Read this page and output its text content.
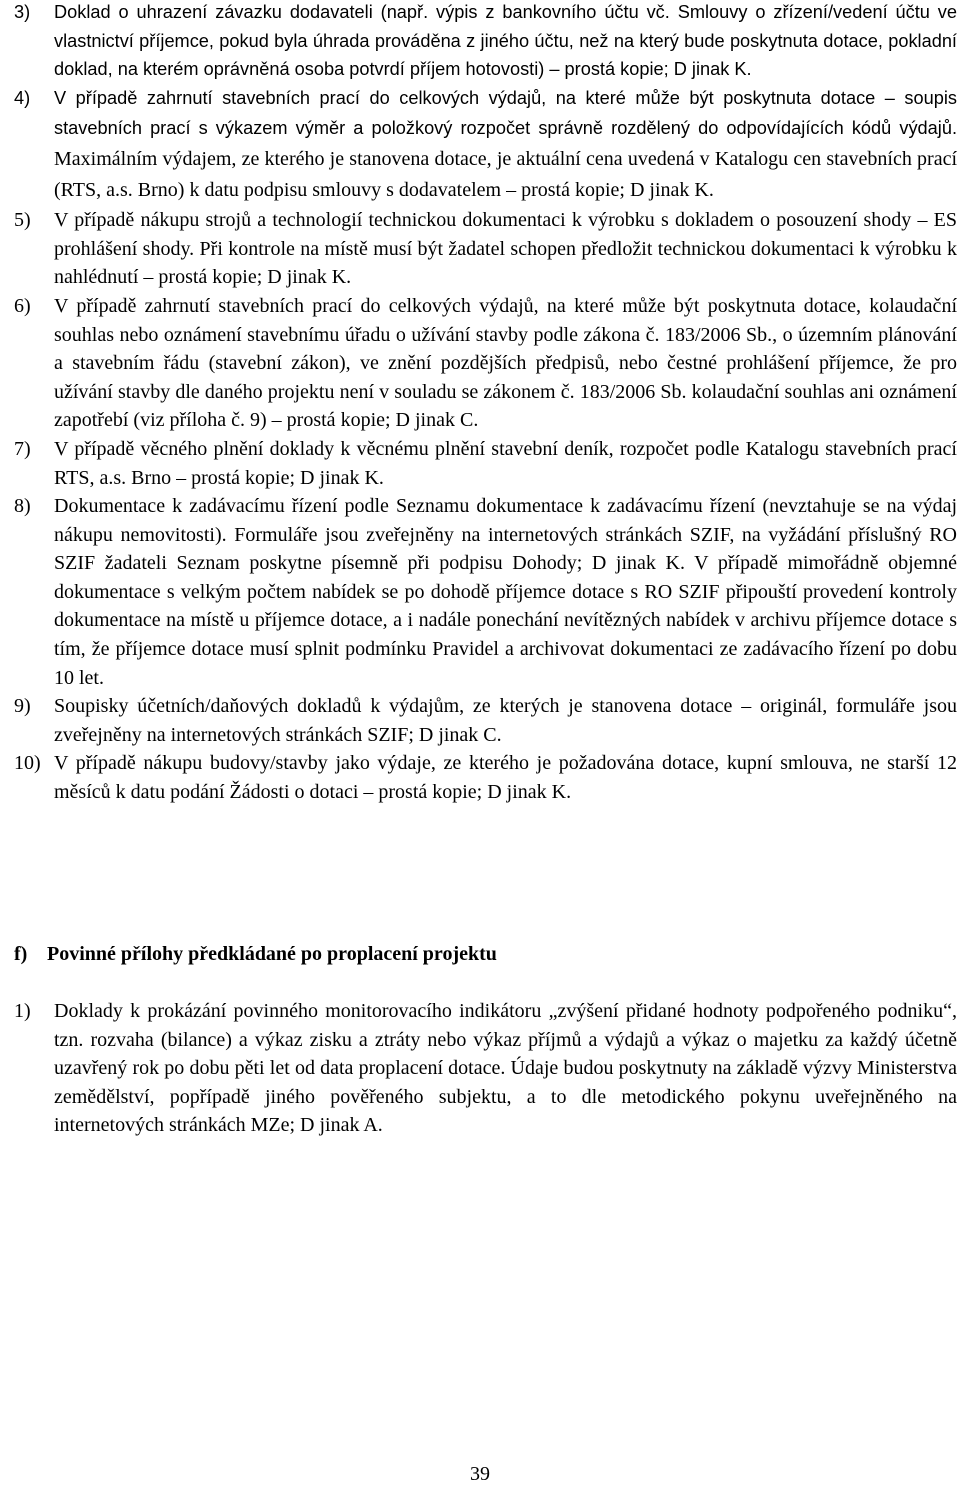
3)	Doklad o uhrazení závazku dodavateli (např. výpis z bankovního účtu vč. Smlouvy o zřízení/vedení účtu ve vlastnictví příjemce, pokud byla úhrada prováděna z jiného účtu, než na který bude poskytnuta dotace, pokladní doklad, na kterém oprávněná osoba potvrdí příjem hotovosti) – prostá kopie; D jinak K.
4)	V případě zahrnutí stavebních prací do celkových výdajů, na které může být poskytnuta dotace – soupis stavebních prací s výkazem výměr a položkový rozpočet správně rozdělený do odpovídajících kódů výdajů. Maximálním výdajem, ze kterého je stanovena dotace, je aktuální cena uvedená v Katalogu cen stavebních prací (RTS, a.s. Brno) k datu podpisu smlouvy s dodavatelem – prostá kopie; D jinak K.
5)	V případě nákupu strojů a technologií technickou dokumentaci k výrobku s dokladem o posouzení shody – ES prohlášení shody. Při kontrole na místě musí být žadatel schopen předložit technickou dokumentaci k výrobku k nahlédnutí – prostá kopie; D jinak K.
6)	V případě zahrnutí stavebních prací do celkových výdajů, na které může být poskytnuta dotace, kolaudační souhlas nebo oznámení stavebnímu úřadu o užívání stavby podle zákona č. 183/2006 Sb., o územním plánování a stavebním řádu (stavební zákon), ve znění pozdějších předpisů, nebo čestné prohlášení příjemce, že pro užívání stavby dle daného projektu není v souladu se zákonem č. 183/2006 Sb. kolaudační souhlas ani oznámení zapotřebí (viz příloha č. 9) – prostá kopie; D jinak C.
7)	V případě věcného plnění doklady k věcnému plnění stavební deník, rozpočet podle Katalogu stavebních prací RTS, a.s. Brno – prostá kopie; D jinak K.
8)	Dokumentace k zadávacímu řízení podle Seznamu dokumentace k zadávacímu řízení (nevztahuje se na výdaj nákupu nemovitosti). Formuláře jsou zveřejněny na internetových stránkách SZIF, na vyžádání příslušný RO SZIF žadateli Seznam poskytne písemně při podpisu Dohody; D jinak K. V případě mimořádně objemné dokumentace s velkým počtem nabídek se po dohodě příjemce dotace s RO SZIF připouští provedení kontroly dokumentace na místě u příjemce dotace, a i nadále ponechání nevítězných nabídek v archivu příjemce dotace s tím, že příjemce dotace musí splnit podmínku Pravidel a archivovat dokumentaci ze zadávacího řízení po dobu 10 let.
9)	Soupisky účetních/daňových dokladů k výdajům, ze kterých je stanovena dotace – originál, formuláře jsou zveřejněny na internetových stránkách SZIF; D jinak C.
10) V případě nákupu budovy/stavby jako výdaje, ze kterého je požadována dotace, kupní smlouva, ne starší 12 měsíců k datu podání Žádosti o dotaci – prostá kopie; D jinak K.
f) Povinné přílohy předkládané po proplacení projektu
1)	Doklady k prokázání povinného monitorovacího indikátoru „zvýšení přidané hodnoty podpořeného podniku“, tzn. rozvaha (bilance) a výkaz zisku a ztráty nebo výkaz příjmů a výdajů a výkaz o majetku za každý účetně uzavřený rok po dobu pěti let od data proplacení dotace. Údaje budou poskytnuty na základě výzvy Ministerstva zemědělství, popřípadě jiného pověřeného subjektu, a to dle metodického pokynu uveřejněného na internetových stránkách MZe; D jinak A.
39
